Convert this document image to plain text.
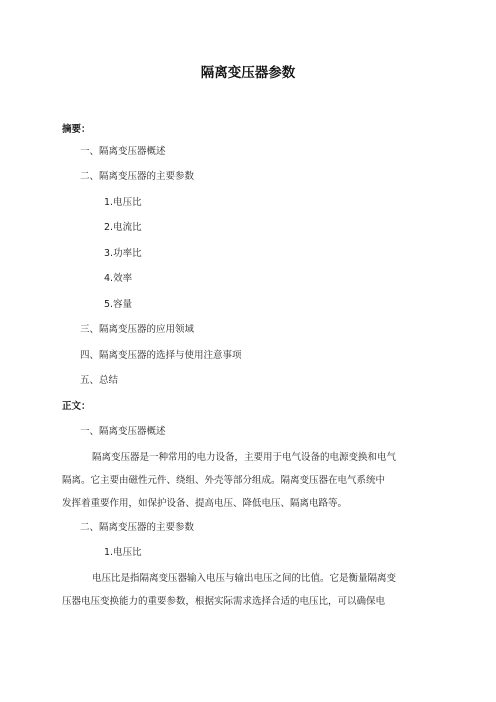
隔离变压器参数
摘要：
一、隔离变压器概述
二、隔离变压器的主要参数
1.电压比
2.电流比
3.功率比
4.效率
5.容量
三、隔离变压器的应用领域
四、隔离变压器的选择与使用注意事项
五、总结
正文：
一、隔离变压器概述
隔离变压器是一种常用的电力设备，主要用于电气设备的电源变换和电气
隔离。它主要由磁性元件、绕组、外壳等部分组成。隔离变压器在电气系统中
发挥着重要作用，如保护设备、提高电压、降低电压、隔离电路等。
二、隔离变压器的主要参数
1.电压比
电压比是指隔离变压器输入电压与输出电压之间的比值。它是衡量隔离变
压器电压变换能力的重要参数，根据实际需求选择合适的电压比，可以确保电
